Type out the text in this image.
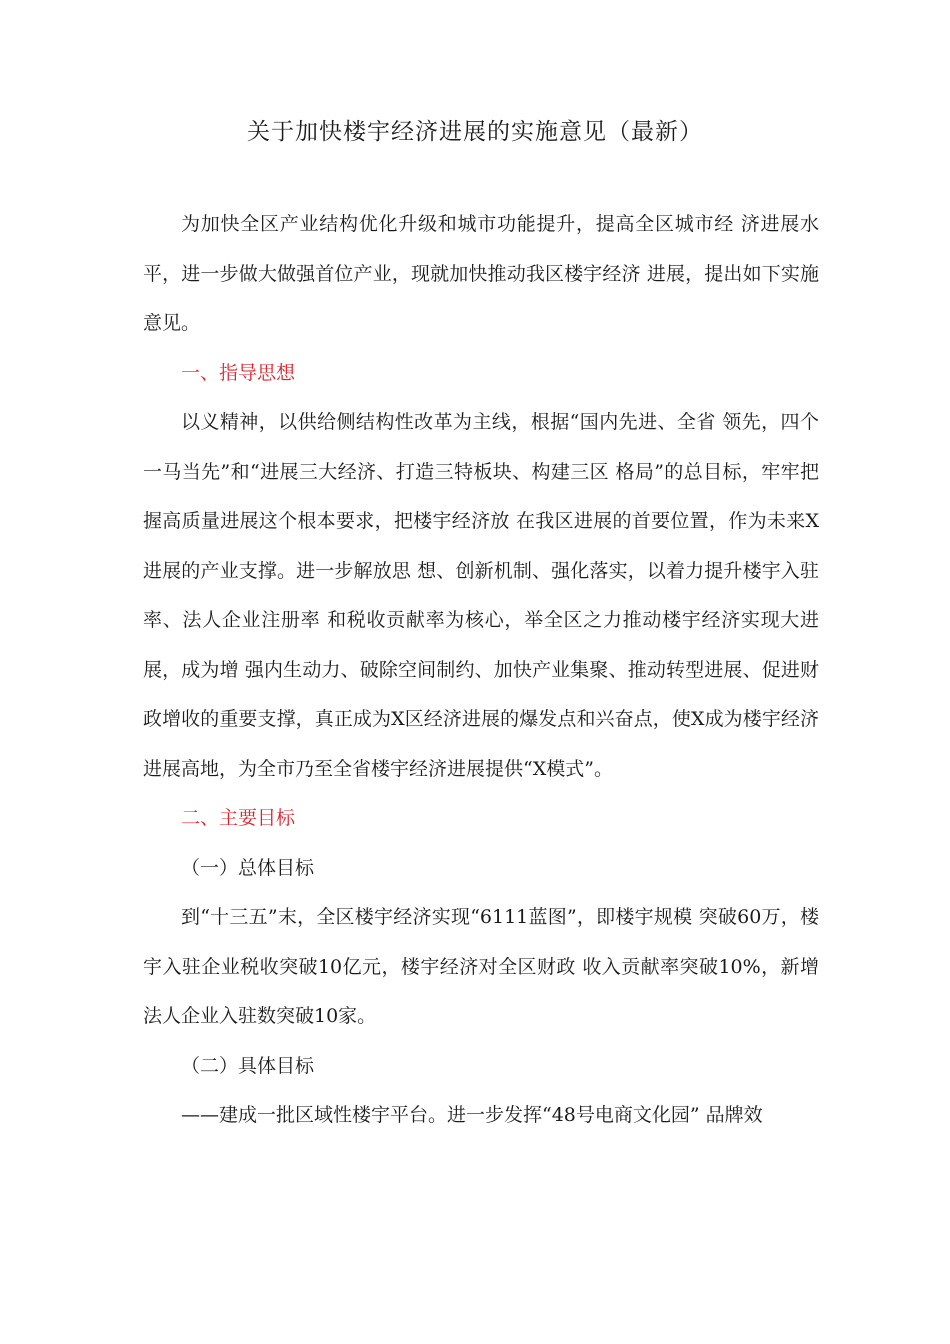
关于加快楼宇经济进展的实施意见（最新）

为加快全区产业结构优化升级和城市功能提升，提高全区城市经 济进展水平，进一步做大做强首位产业，现就加快推动我区楼宇经济 进展，提出如下实施意见。

一、指导思想

以义精神，以供给侧结构性改革为主线，根据“国内先进、全省 领先，四个一马当先”和“进展三大经济、打造三特板块、构建三区 格局”的总目标，牢牢把握高质量进展这个根本要求，把楼宇经济放 在我区进展的首要位置，作为未来X进展的产业支撑。进一步解放思 想、创新机制、强化落实，以着力提升楼宇入驻率、法人企业注册率 和税收贡献率为核心，举全区之力推动楼宇经济实现大进展，成为增 强内生动力、破除空间制约、加快产业集聚、推动转型进展、促进财 政增收的重要支撑，真正成为X区经济进展的爆发点和兴奋点，使X成为楼宇经济进展高地，为全市乃至全省楼宇经济进展提供“X模式”。

二、主要目标

（一）总体目标

到“十三五”末，全区楼宇经济实现“6111蓝图”，即楼宇规模 突破60万，楼宇入驻企业税收突破10亿元，楼宇经济对全区财政 收入贡献率突破10%，新增法人企业入驻数突破10家。

（二）具体目标

——建成一批区域性楼宇平台。进一步发挥“48号电商文化园” 品牌效
